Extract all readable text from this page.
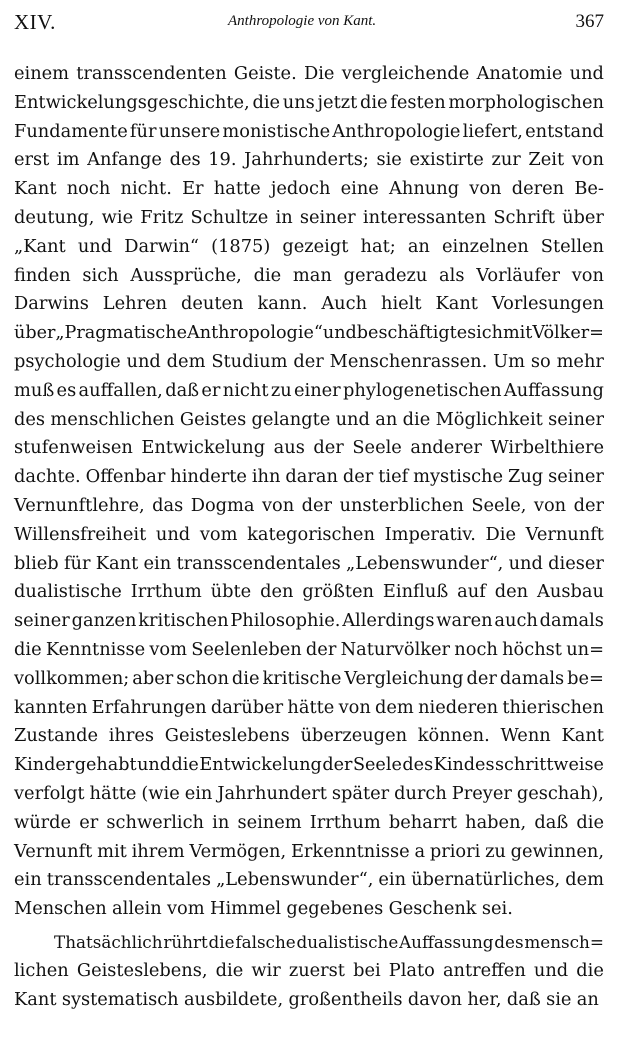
XIV.	Anthropologie von Kant.	367
einem transscendenten Geiste. Die vergleichende Anatomie und
Entwickelungsgeschichte, die uns jetzt die festen morphologischen
Fundamente für unsere monistische Anthropologie liefert, entstand
erst im Anfange des 19. Jahrhunderts; sie existirte zur Zeit von
Kant noch nicht. Er hatte jedoch eine Ahnung von deren Be-
deutung, wie Fritz Schultze in seiner interessanten Schrift über
„Kant und Darwin“ (1875) gezeigt hat; an einzelnen Stellen
finden sich Aussprüche, die man geradezu als Vorläufer von
Darwins Lehren deuten kann. Auch hielt Kant Vorlesungen
über „Pragmatische Anthropologie“ und beschäftigte sich mit Völker=
psychologie und dem Studium der Menschenrassen. Um so mehr
muß es auffallen, daß er nicht zu einer phylogenetischen Auffassung
des menschlichen Geistes gelangte und an die Möglichkeit seiner
stufenweisen Entwickelung aus der Seele anderer Wirbelthiere
dachte. Offenbar hinderte ihn daran der tief mystische Zug seiner
Vernunftlehre, das Dogma von der unsterblichen Seele, von der
Willensfreiheit und vom kategorischen Imperativ. Die Vernunft
blieb für Kant ein transscendentales „Lebenswunder“, und dieser
dualistische Irrthum übte den größten Einfluß auf den Ausbau
seiner ganzen kritischen Philosophie. Allerdings waren auch damals
die Kenntnisse vom Seelenleben der Naturvölker noch höchst un=
vollkommen; aber schon die kritische Vergleichung der damals be=
kannten Erfahrungen darüber hätte von dem niederen thierischen
Zustande ihres Geisteslebens überzeugen können. Wenn Kant
Kinder gehabt und die Entwickelung der Seele des Kindes schrittweise
verfolgt hätte (wie ein Jahrhundert später durch Preyer geschah),
würde er schwerlich in seinem Irrthum beharrt haben, daß die
Vernunft mit ihrem Vermögen, Erkenntnisse a priori zu gewinnen,
ein transscendentales „Lebenswunder“, ein übernatürliches, dem
Menschen allein vom Himmel gegebenes Geschenk sei.
Thatsächlich rührt die falsche dualistische Auffassung des mensch=
lichen Geisteslebens, die wir zuerst bei Plato antreffen und die
Kant systematisch ausbildete, großentheils davon her, daß sie an
